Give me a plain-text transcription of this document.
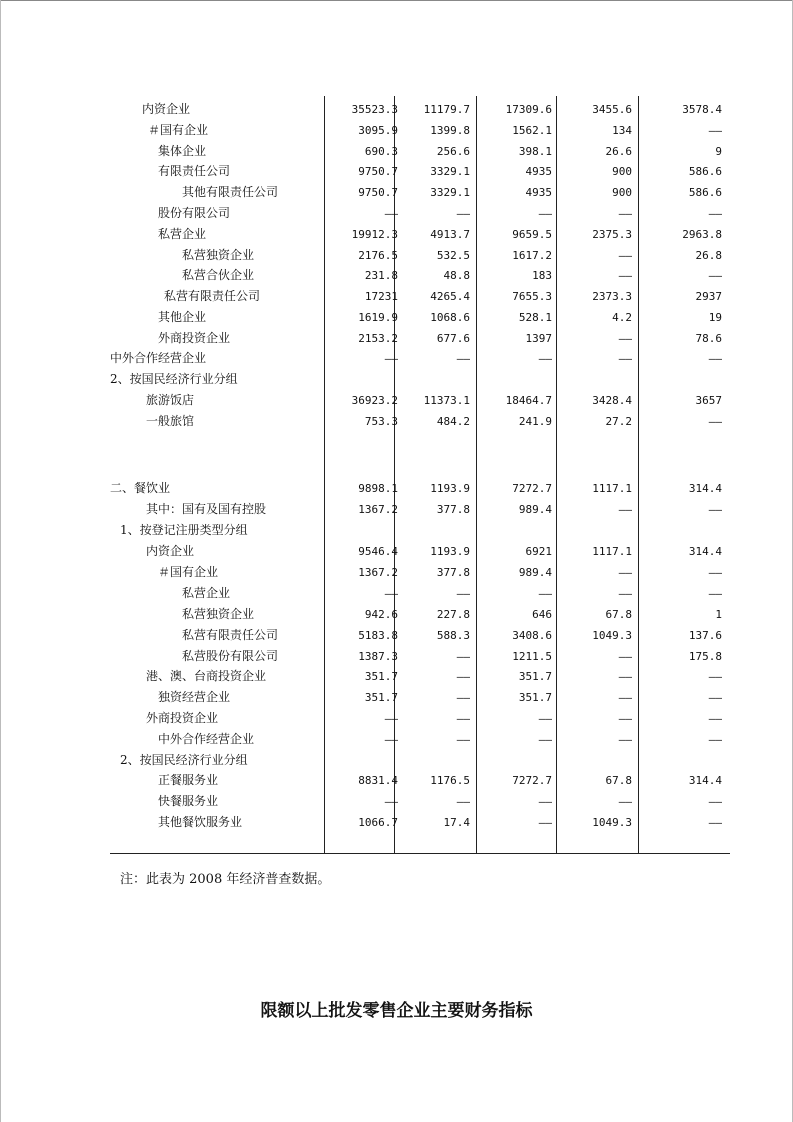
内资企业	35523.3	11179.7	17309.6	3455.6	3578.4
＃国有企业	3095.9	1399.8	1562.1	134	——
集体企业	690.3	256.6	398.1	26.6	9
有限责任公司	9750.7	3329.1	4935	900	586.6
其他有限责任公司	9750.7	3329.1	4935	900	586.6
股份有限公司	——	——	——	——	——
私营企业	19912.3	4913.7	9659.5	2375.3	2963.8
私营独资企业	2176.5	532.5	1617.2	——	26.8
私营合伙企业	231.8	48.8	183	——	——
私营有限责任公司	17231	4265.4	7655.3	2373.3	2937
其他企业	1619.9	1068.6	528.1	4.2	19
外商投资企业	2153.2	677.6	1397	——	78.6
中外合作经营企业	——	——	——	——	——
2、按国民经济行业分组
旅游饭店	36923.2	11373.1	18464.7	3428.4	3657
一般旅馆	753.3	484.2	241.9	27.2	——
二、餐饮业	9898.1	1193.9	7272.7	1117.1	314.4
其中：国有及国有控股	1367.2	377.8	989.4	——	——
1、按登记注册类型分组
内资企业	9546.4	1193.9	6921	1117.1	314.4
＃国有企业	1367.2	377.8	989.4	——	——
私营企业	——	——	——	——	——
私营独资企业	942.6	227.8	646	67.8	1
私营有限责任公司	5183.8	588.3	3408.6	1049.3	137.6
私营股份有限公司	1387.3	——	1211.5	——	175.8
港、澳、台商投资企业	351.7	——	351.7	——	——
独资经营企业	351.7	——	351.7	——	——
外商投资企业	——	——	——	——	——
中外合作经营企业	——	——	——	——	——
2、按国民经济行业分组
正餐服务业	8831.4	1176.5	7272.7	67.8	314.4
快餐服务业	——	——	——	——	——
其他餐饮服务业	1066.7	17.4	——	1049.3	——
注：此表为 2008 年经济普查数据。
限额以上批发零售企业主要财务指标
